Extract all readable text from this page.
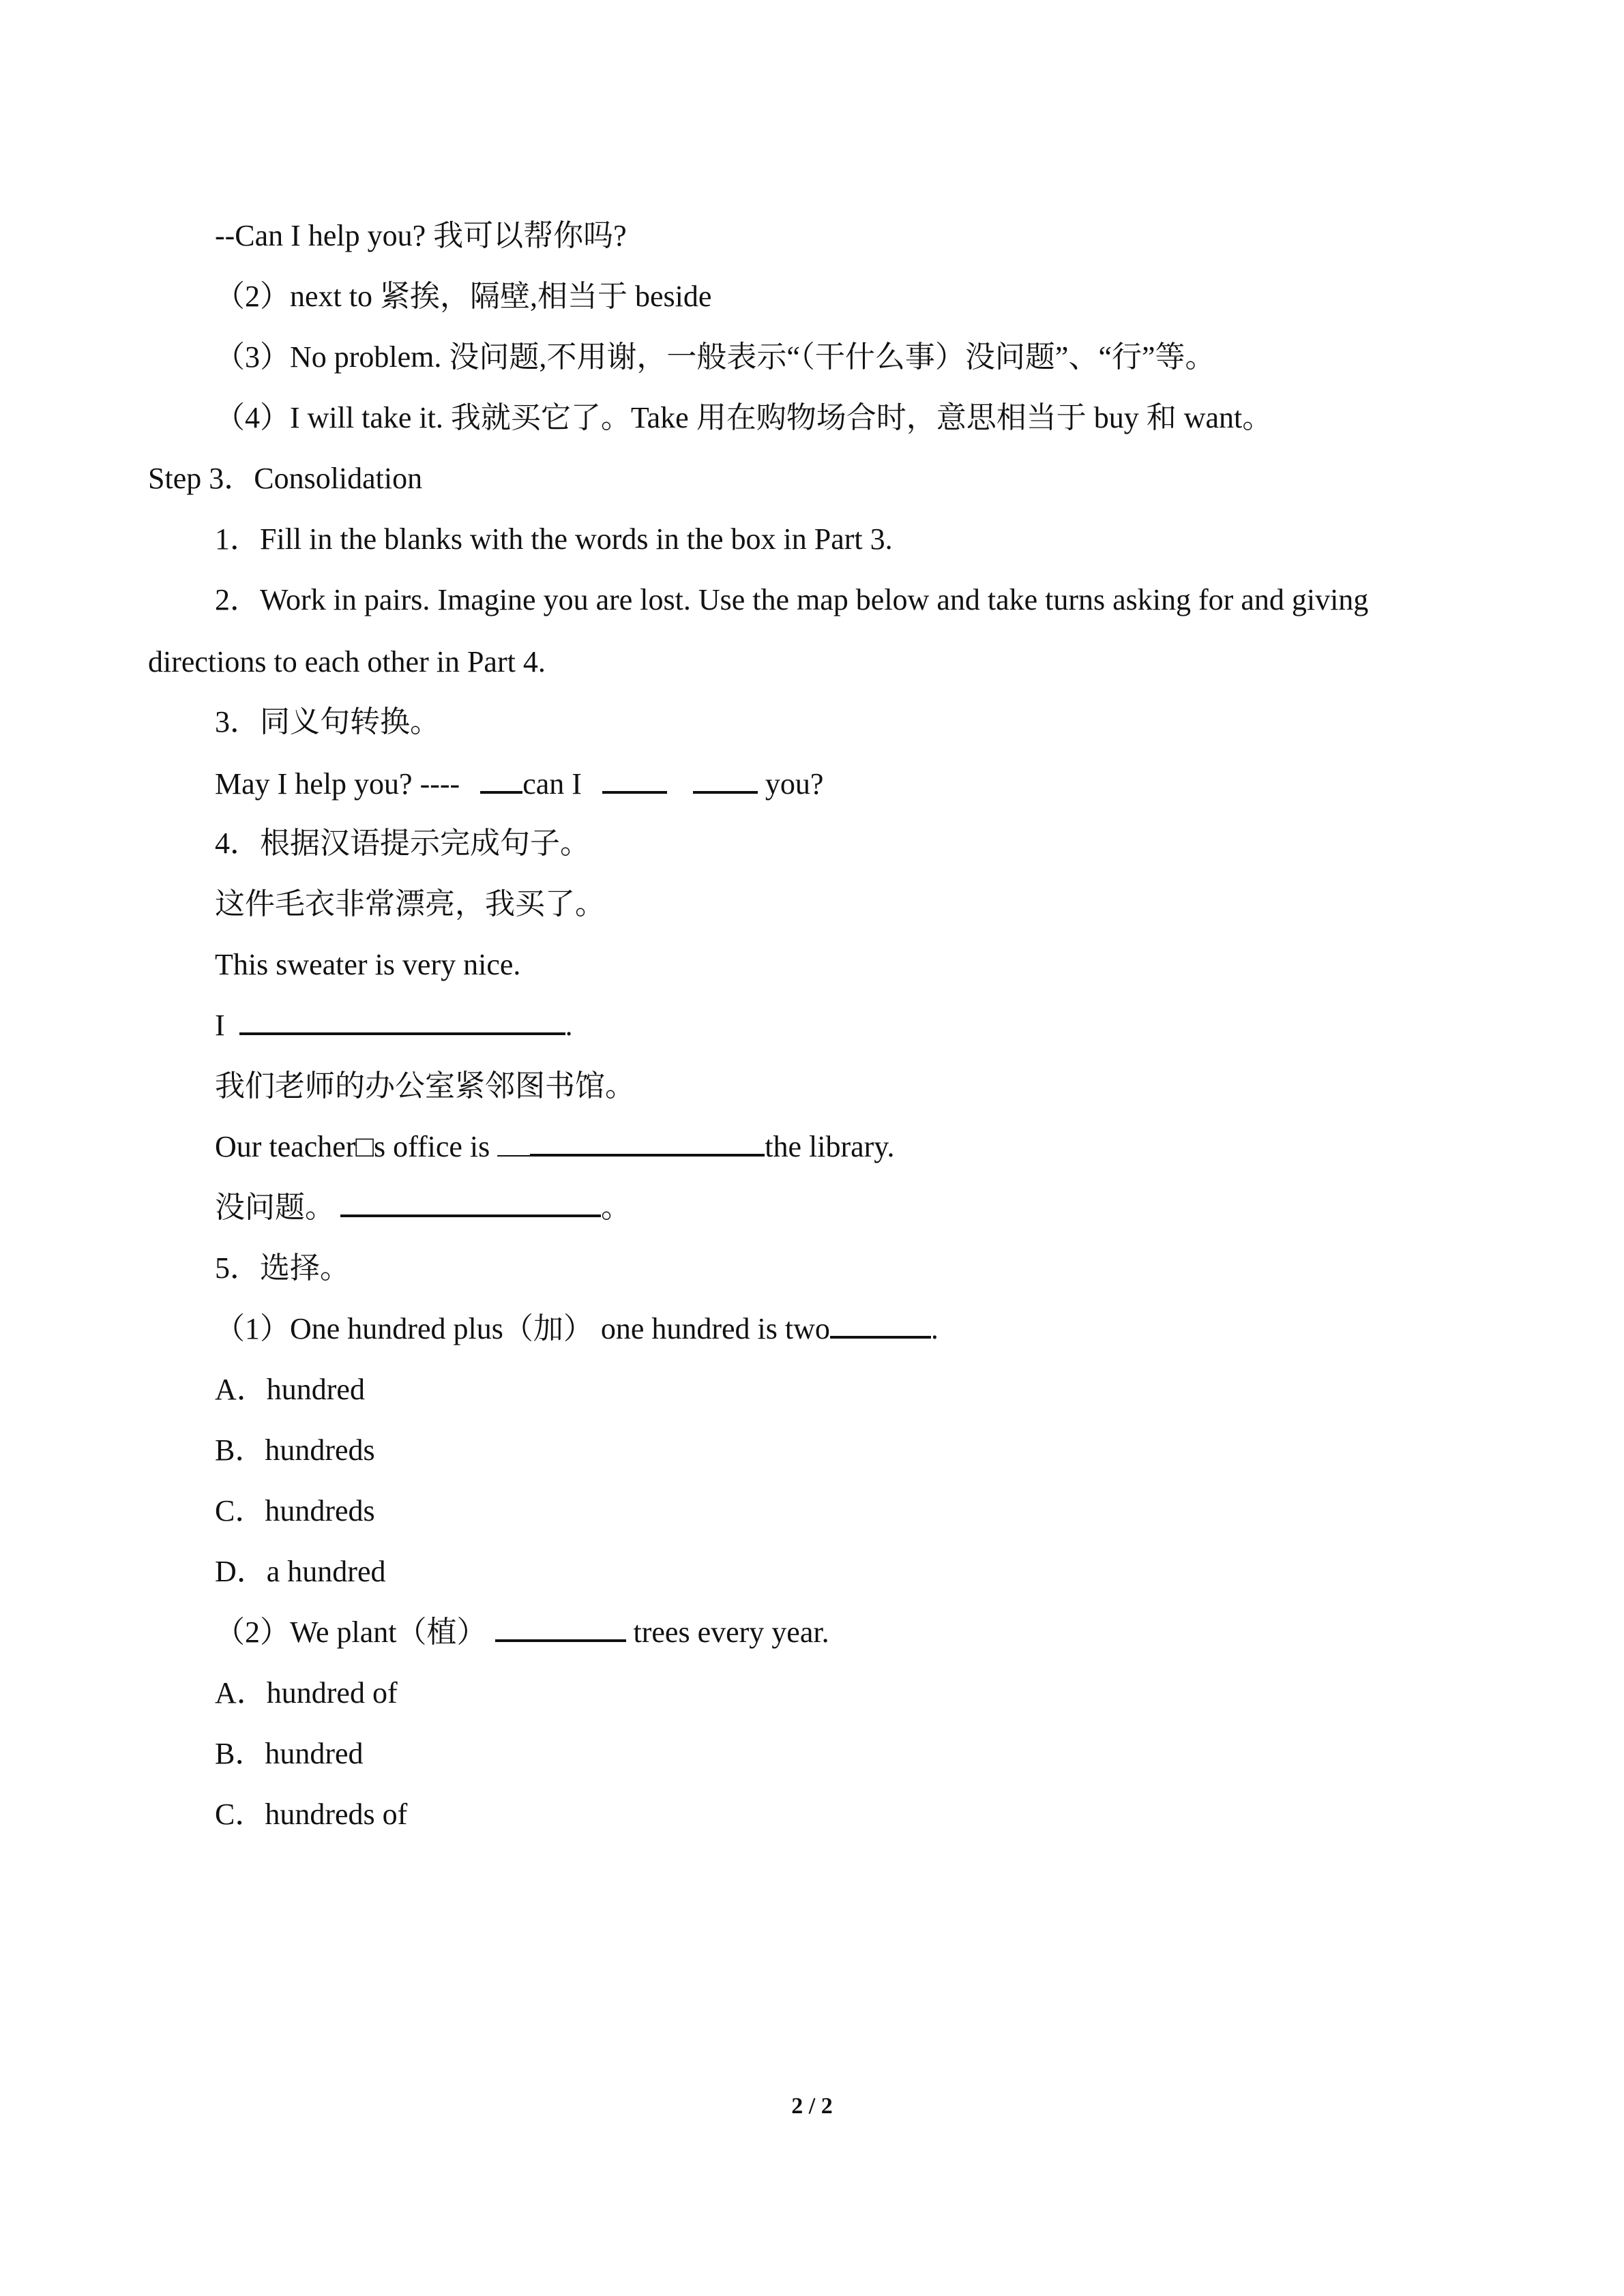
--Can I help you? 我可以帮你吗?
（2）next to 紧挨，隔壁,相当于 beside
（3）No problem. 没问题,不用谢，一般表示“（干什么事）没问题”、“行”等。
（4）I will take it. 我就买它了。Take 用在购物场合时，意思相当于 buy 和 want。
Step 3．Consolidation
1．Fill in the blanks with the words in the box in Part 3.
2．Work in pairs. Imagine you are lost. Use the map below and take turns asking for and giving
directions to each other in Part 4.
3．同义句转换。
May I help you? ---- can I	you?
4．根据汉语提示完成句子。
这件毛衣非常漂亮，我买了。
This sweater is very nice.
I	.
我们老师的办公室紧邻图书馆。
Our teacher□s office is	the library.
没问题。	。
5．选择。
（1）One hundred plus（加） one hundred is two	.
A．hundred
B．hundreds
C．hundreds
D．a hundred
（2）We plant（植）	trees every year.
A．hundred of
B．hundred
C．hundreds of
2 / 2
